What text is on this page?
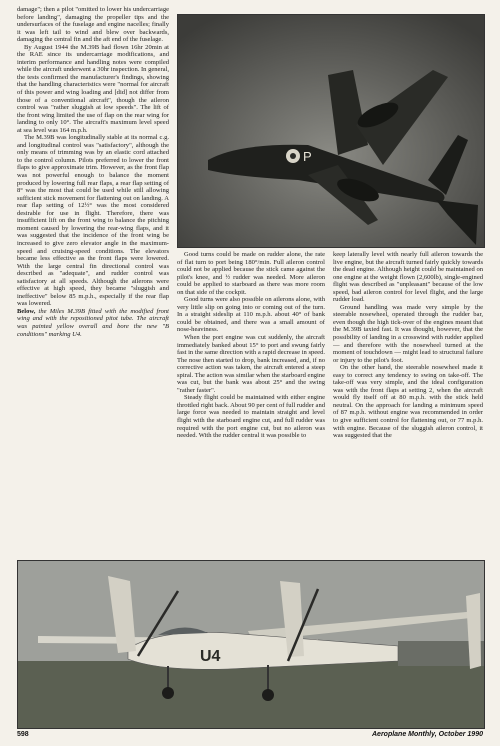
damage"; then a pilot "omitted to lower his undercarriage before landing", damaging the propeller tips and the undersurfaces of the fuselage and engine nacelles; finally it was left tail to wind and blew over backwards, damaging the central fin and the aft end of the fuselage.

By August 1944 the M.39B had flown 16hr 20min at the RAE since its undercarriage modifications, and interim performance and handling notes were compiled while the aircraft underwent a 30hr inspection. In general, the tests confirmed the manufacturer's findings, showing that the handling characteristics were "normal for aircraft of this power and wing loading and [did] not differ from those of a conventional aircraft", though the aileron control was "rather sluggish at low speeds". The lift of the front wing limited the use of flap on the rear wing for landing to only 10°. The aircraft's maximum level speed at sea level was 164 m.p.h.

The M.39B was longitudinally stable at its normal c.g. and longitudinal control was "satisfactory", although the only means of trimming was by an elastic cord attached to the control column. Pilots preferred to lower the front flaps to give approximate trim. However, as the front flap was not powerful enough to balance the moment produced by lowering full rear flaps, a rear flap setting of 8° was the most that could be used while still allowing sufficient stick movement for flattening out on landing. A rear flap setting of 12½° was the most considered desirable for use in flight. Therefore, there was insufficient lift on the front wing to balance the pitching moment caused by lowering the rear-wing flaps, and it was suggested that the incidence of the front wing be increased to give zero elevator angle in the maximum-speed and cruising-speed conditions. The elevators became less effective as the front flaps were lowered. With the large central fin directional control was described as "adequate", and rudder control was satisfactory at all speeds. Although the ailerons were effective at high speed, they became "sluggish and ineffective" below 85 m.p.h., especially if the rear flap was lowered.

Below, the Miles M.39B fitted with the modified front wing and with the repositioned pitot tube. The aircraft was painted yellow overall and bore the new "B conditions" marking U4.

P

Good turns could be made on rudder alone, the rate of flat turn to port being 180°/min. Full aileron control could not be applied because the stick came against the pilot's knee, and ½ rudder was needed. More aileron could be applied to starboard as there was more room on that side of the cockpit.

Good turns were also possible on ailerons alone, with very little slip on going into or coming out of the turn. In a straight sideslip at 110 m.p.h. about 40° of bank could be obtained, and there was a small amount of nose-heaviness.

When the port engine was cut suddenly, the aircraft immediately banked about 15° to port and swung fairly fast in the same direction with a rapid decrease in speed. The nose then started to drop, bank increased, and, if no corrective action was taken, the aircraft entered a steep spiral. The action was similar when the starboard engine was cut, but the bank was about 25° and the swing "rather faster".

Steady flight could be maintained with either engine throttled right back. About 90 per cent of full rudder and large force was needed to maintain straight and level flight with the starboard engine cut, and full rudder was required with the port engine cut, but no aileron was needed. With the rudder central it was possible to

keep laterally level with nearly full aileron towards the live engine, but the aircraft turned fairly quickly towards the dead engine. Although height could be maintained on one engine at the weight flown (2,600lb), single-engined flight was described as "unpleasant" because of the low speed, bad aileron control for level flight, and the large rudder load.

Ground handling was made very simple by the steerable nosewheel, operated through the rudder bar, even though the high tick-over of the engines meant that the M.39B taxied fast. It was thought, however, that the possibility of landing in a crosswind with rudder applied — and therefore with the nosewheel turned at the moment of touchdown — might lead to structural failure or injury to the pilot's foot.

On the other hand, the steerable nosewheel made it easy to correct any tendency to swing on take-off. The take-off was very simple, and the ideal configuration was with the front flaps at setting 2, when the aircraft would fly itself off at 80 m.p.h. with the stick held neutral. On the approach for landing a minimum speed of 87 m.p.h. without engine was recommended in order to give sufficient control for flattening out, or 77 m.p.h. with engine. Because of the sluggish aileron control, it was suggested that the

U4
598	Aeroplane Monthly, October 1990
